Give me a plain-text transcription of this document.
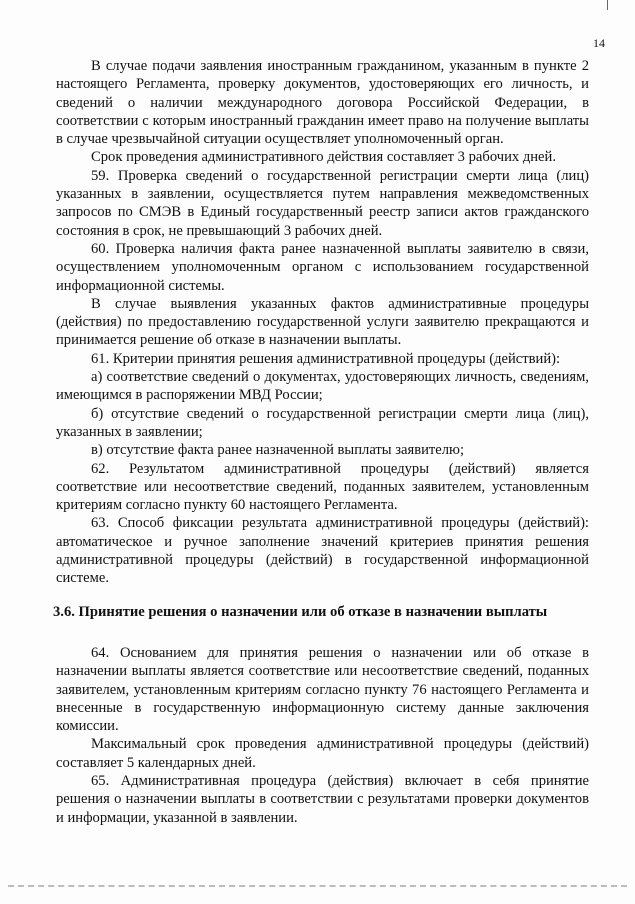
14

В случае подачи заявления иностранным гражданином, указанным в пункте 2 настоящего Регламента, проверку документов, удостоверяющих его личность, и сведений о наличии международного договора Российской Федерации, в соответствии с которым иностранный гражданин имеет право на получение выплаты в случае чрезвычайной ситуации осуществляет уполномоченный орган.

Срок проведения административного действия составляет 3 рабочих дней.

59. Проверка сведений о государственной регистрации смерти лица (лиц) указанных в заявлении, осуществляется путем направления межведомственных запросов по СМЭВ в Единый государственный реестр записи актов гражданского состояния в срок, не превышающий 3 рабочих дней.

60. Проверка наличия факта ранее назначенной выплаты заявителю в связи, осуществлением уполномоченным органом с использованием государственной информационной системы.

В случае выявления указанных фактов административные процедуры (действия) по предоставлению государственной услуги заявителю прекращаются и принимается решение об отказе в назначении выплаты.

61. Критерии принятия решения административной процедуры (действий):

а) соответствие сведений о документах, удостоверяющих личность, сведениям, имеющимся в распоряжении МВД России;

б) отсутствие сведений о государственной регистрации смерти лица (лиц), указанных в заявлении;

в) отсутствие факта ранее назначенной выплаты заявителю;

62. Результатом административной процедуры (действий) является соответствие или несоответствие сведений, поданных заявителем, установленным критериям согласно пункту 60 настоящего Регламента.

63. Способ фиксации результата административной процедуры (действий): автоматическое и ручное заполнение значений критериев принятия решения административной процедуры (действий) в государственной информационной системе.

3.6. Принятие решения о назначении или об отказе в назначении выплаты

64. Основанием для принятия решения о назначении или об отказе в назначении выплаты является соответствие или несоответствие сведений, поданных заявителем, установленным критериям согласно пункту 76 настоящего Регламента и внесенные в государственную информационную систему данные заключения комиссии.

Максимальный срок проведения административной процедуры (действий) составляет 5 календарных дней.

65. Административная процедура (действия) включает в себя принятие решения о назначении выплаты в соответствии с результатами проверки документов и информации, указанной в заявлении.
